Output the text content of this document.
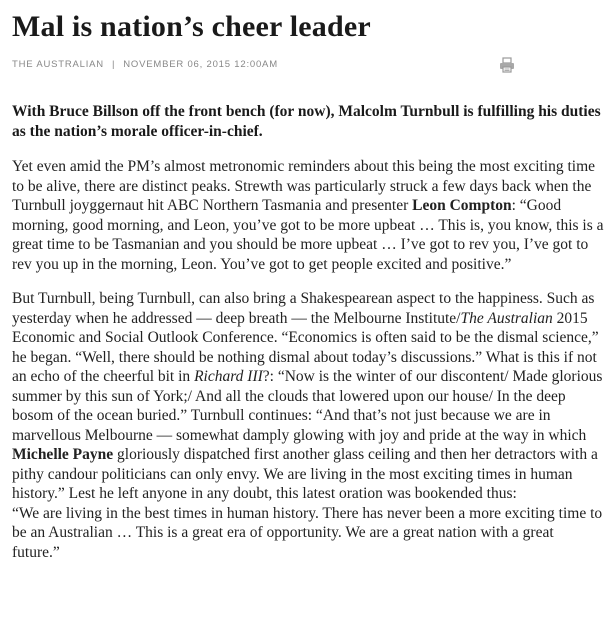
Mal is nation’s cheer leader
THE AUSTRALIAN | NOVEMBER 06, 2015 12:00AM

With Bruce Billson off the front bench (for now), Malcolm Turnbull is fulfilling his duties as the nation’s morale officer-in-chief.

Yet even amid the PM’s almost metronomic reminders about this being the most exciting time to be alive, there are distinct peaks. Strewth was particularly struck a few days back when the Turnbull joyggernaut hit ABC Northern Tasmania and presenter Leon Compton: “Good morning, good morning, and Leon, you’ve got to be more upbeat … This is, you know, this is a great time to be Tasmanian and you should be more upbeat … I’ve got to rev you, I’ve got to rev you up in the morning, Leon. You’ve got to get people excited and positive.”

But Turnbull, being Turnbull, can also bring a Shakespearean aspect to the happiness. Such as yesterday when he addressed — deep breath — the Melbourne Institute/The Australian 2015 Economic and Social Outlook Conference. “Economics is often said to be the dismal science,” he began. “Well, there should be nothing dismal about today’s discussions.” What is this if not an echo of the cheerful bit in Richard III?: “Now is the winter of our discontent/ Made glorious summer by this sun of York;/ And all the clouds that lowered upon our house/ In the deep bosom of the ocean buried.” Turnbull continues: “And that’s not just because we are in marvellous Melbourne — somewhat damply glowing with joy and pride at the way in which Michelle Payne gloriously dispatched first another glass ceiling and then her detractors with a pithy candour politicians can only envy. We are living in the most exciting times in human history.” Lest he left anyone in any doubt, this latest oration was bookended thus:
“We are living in the best times in human history. There has never been a more exciting time to be an Australian … This is a great era of opportunity. We are a great nation with a great future.”
